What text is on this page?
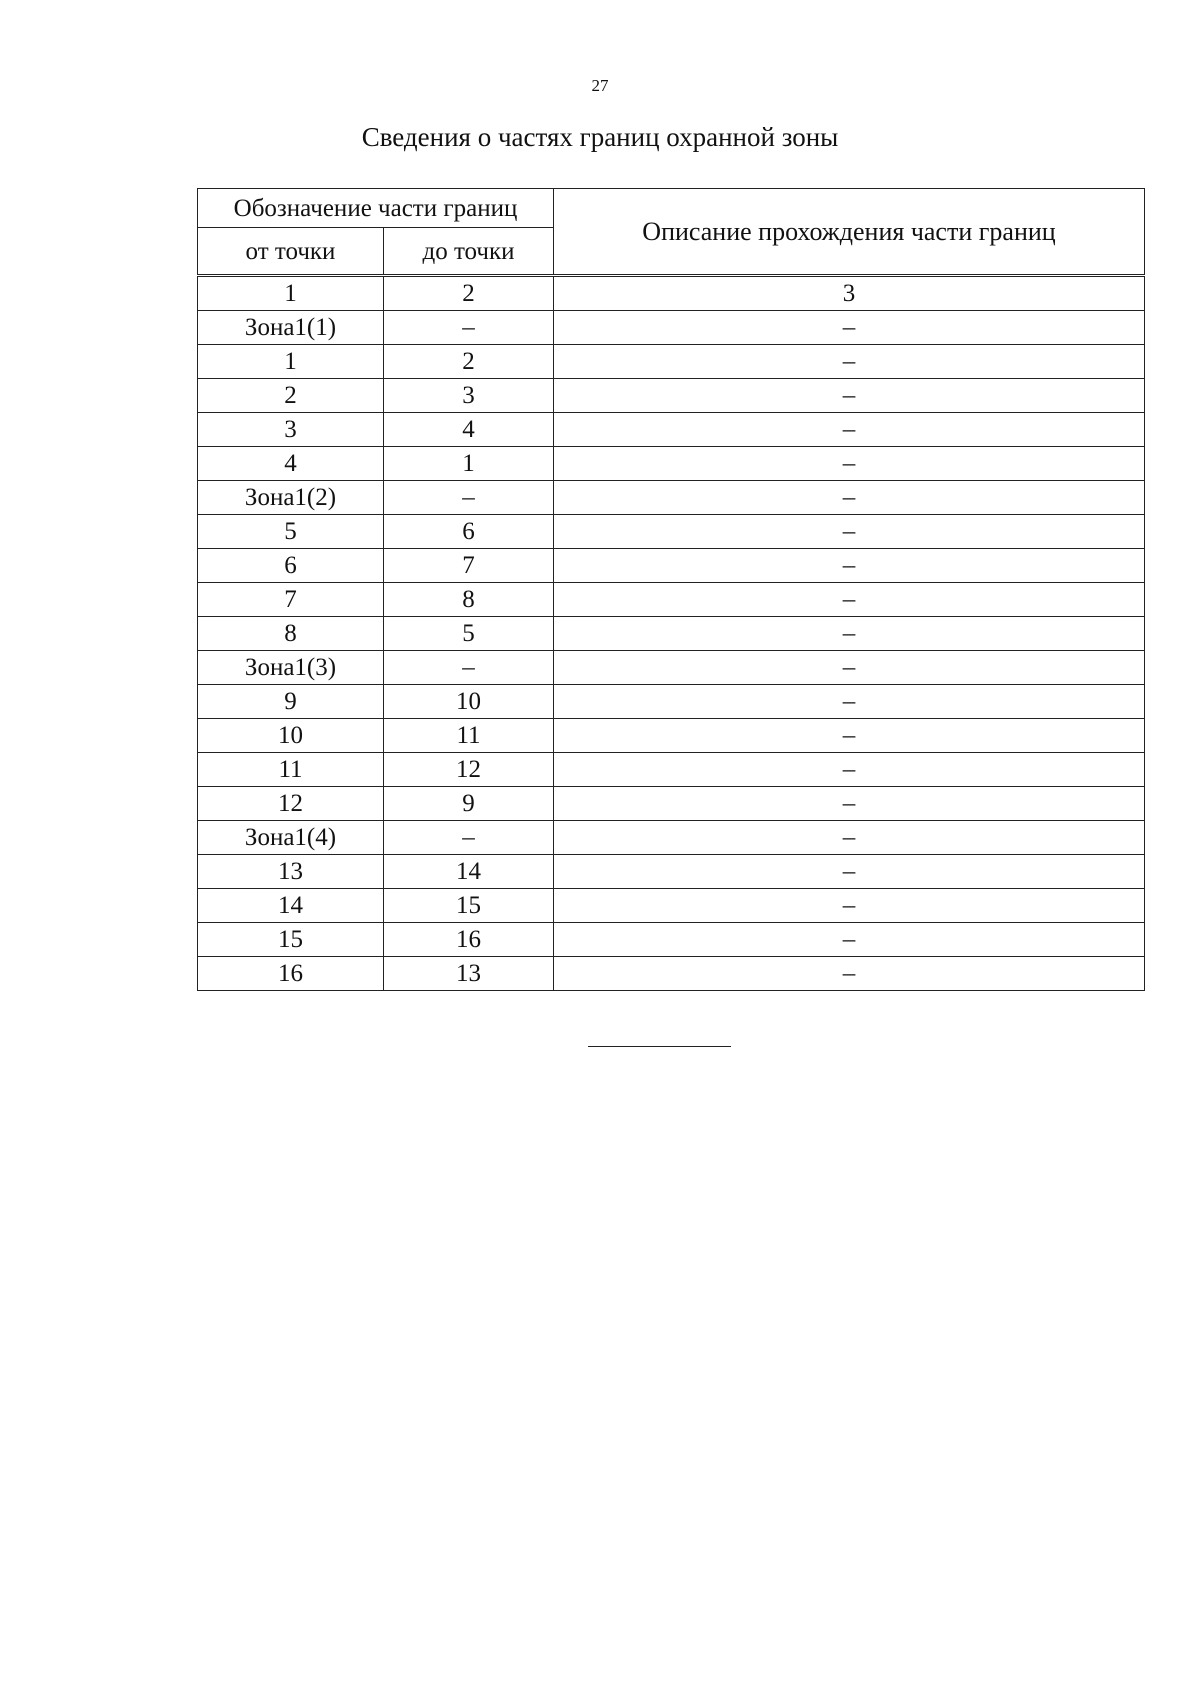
27
Сведения о частях границ охранной зоны
Обозначение части границ		Описание прохождения части границ
от точки	до точки	
1	2	3
Зона1(1)	–	–
1	2	–
2	3	–
3	4	–
4	1	–
Зона1(2)	–	–
5	6	–
6	7	–
7	8	–
8	5	–
Зона1(3)	–	–
9	10	–
10	11	–
11	12	–
12	9	–
Зона1(4)	–	–
13	14	–
14	15	–
15	16	–
16	13	–
